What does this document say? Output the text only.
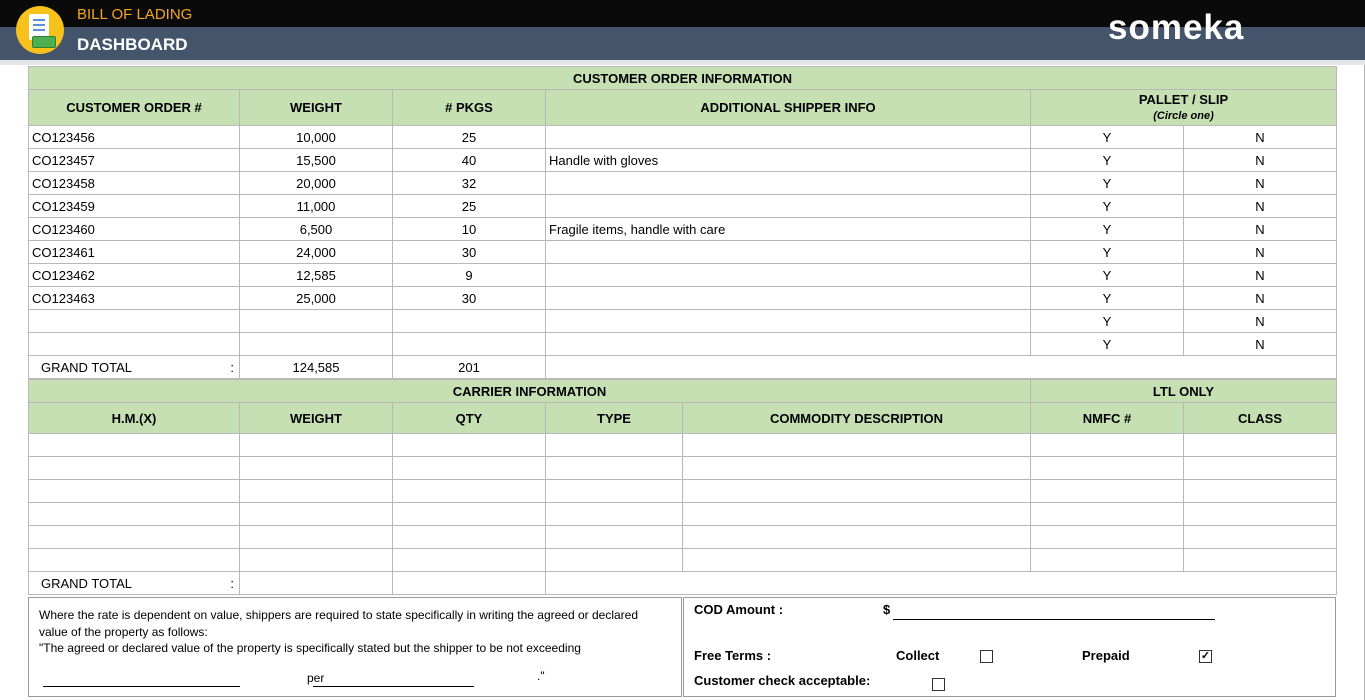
BILL OF LADING
DASHBOARD	someka
CUSTOMER ORDER INFORMATION					
CUSTOMER ORDER #	WEIGHT	# PKGS	ADDITIONAL SHIPPER INFO	PALLET / SLIP
(Circle one)	

CO123456	10,000	25		Y	N
CO123457	15,500	40	Handle with gloves	Y	N
CO123458	20,000	32		Y	N
CO123459	11,000	25		Y	N
CO123460	6,500	10	Fragile items, handle with care	Y	N
CO123461	24,000	30		Y	N
CO123462	12,585	9		Y	N
CO123463	25,000	30		Y	N
				Y	N
				Y	N

GRAND TOTAL :	124,585	201			
CARRIER INFORMATION					LTL ONLY	
H.M.(X)	WEIGHT	QTY	TYPE	COMMODITY DESCRIPTION	NMFC #	CLASS

GRAND TOTAL :						

Where the rate is dependent on value, shippers are required to state specifically in writing the agreed or declared
value of the property as follows:
"The agreed or declared value of the property is specifically stated but the shipper to be not exceeding
per	."
COD Amount :	$
Free Terms :	Collect	Prepaid	✓
Customer check acceptable:
